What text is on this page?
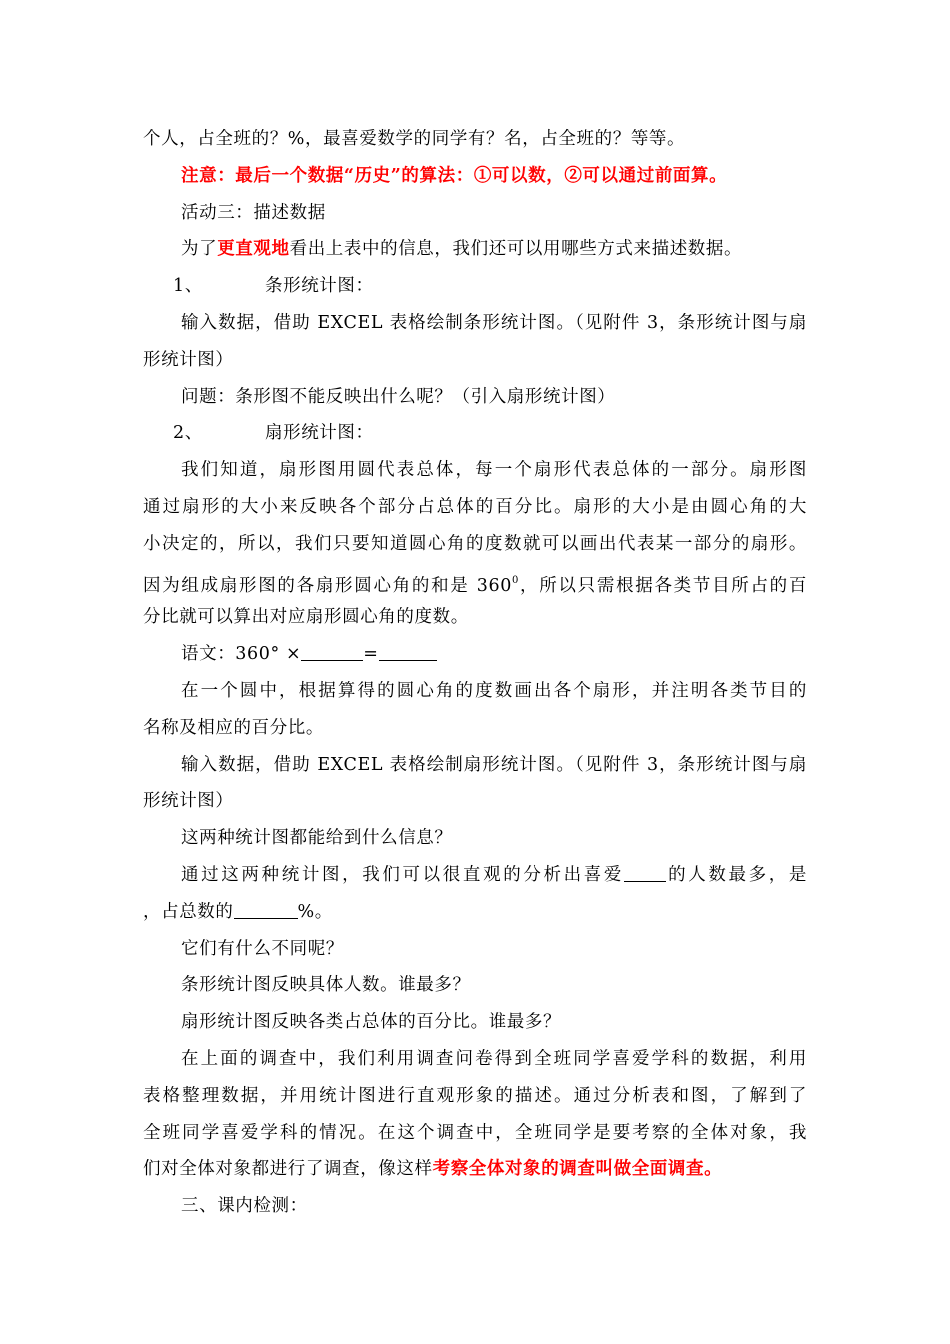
个人，占全班的？%，最喜爱数学的同学有？名，占全班的？等等。
注意：最后一个数据“历史”的算法：①可以数，②可以通过前面算。
活动三：描述数据
为了更直观地看出上表中的信息，我们还可以用哪些方式来描述数据。
1、	条形统计图：
输入数据，借助 EXCEL 表格绘制条形统计图。（见附件 3，条形统计图与扇
形统计图）
问题：条形图不能反映出什么呢？（引入扇形统计图）
2、	扇形统计图：
我们知道，扇形图用圆代表总体，每一个扇形代表总体的一部分。扇形图
通过扇形的大小来反映各个部分占总体的百分比。扇形的大小是由圆心角的大
小决定的，所以，我们只要知道圆心角的度数就可以画出代表某一部分的扇形。
因为组成扇形图的各扇形圆心角的和是 $360^0$，所以只需根据各类节目所占的百
分比就可以算出对应扇形圆心角的度数。
语文：360° ×	=
在一个圆中，根据算得的圆心角的度数画出各个扇形，并注明各类节目的
名称及相应的百分比。
输入数据，借助 EXCEL 表格绘制扇形统计图。（见附件 3，条形统计图与扇
形统计图）
这两种统计图都能给到什么信息？
通过这两种统计图，我们可以很直观的分析出喜爱 的人数最多，是
，占总数的	%。
它们有什么不同呢？
条形统计图反映具体人数。谁最多？
扇形统计图反映各类占总体的百分比。谁最多？
在上面的调查中，我们利用调查问卷得到全班同学喜爱学科的数据，利用
表格整理数据，并用统计图进行直观形象的描述。通过分析表和图，了解到了
全班同学喜爱学科的情况。在这个调查中，全班同学是要考察的全体对象，我
们对全体对象都进行了调查，像这样考察全体对象的调查叫做全面调查。
三、课内检测：
